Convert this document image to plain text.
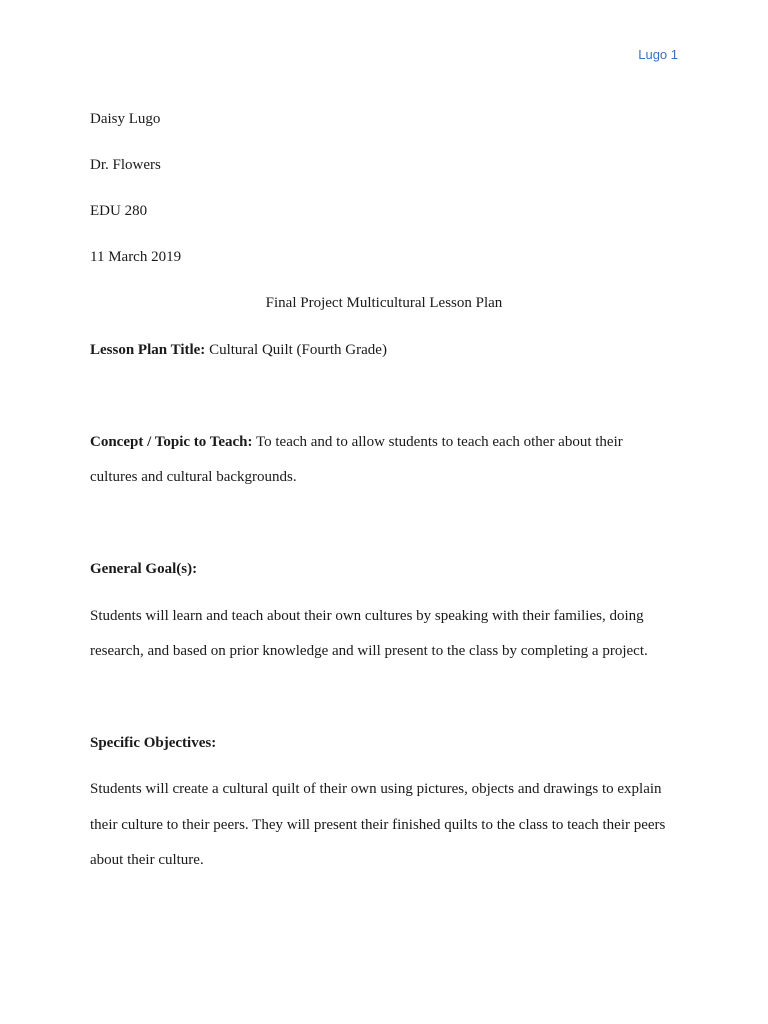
Lugo 1
Daisy Lugo
Dr. Flowers
EDU 280
11 March 2019
Final Project Multicultural Lesson Plan
Lesson Plan Title: Cultural Quilt (Fourth Grade)
Concept / Topic to Teach: To teach and to allow students to teach each other about their
cultures and cultural backgrounds.
General Goal(s):
Students will learn and teach about their own cultures by speaking with their families, doing
research, and based on prior knowledge and will present to the class by completing a project.
Specific Objectives:
Students will create a cultural quilt of their own using pictures, objects and drawings to explain
their culture to their peers. They will present their finished quilts to the class to teach their peers
about their culture.
